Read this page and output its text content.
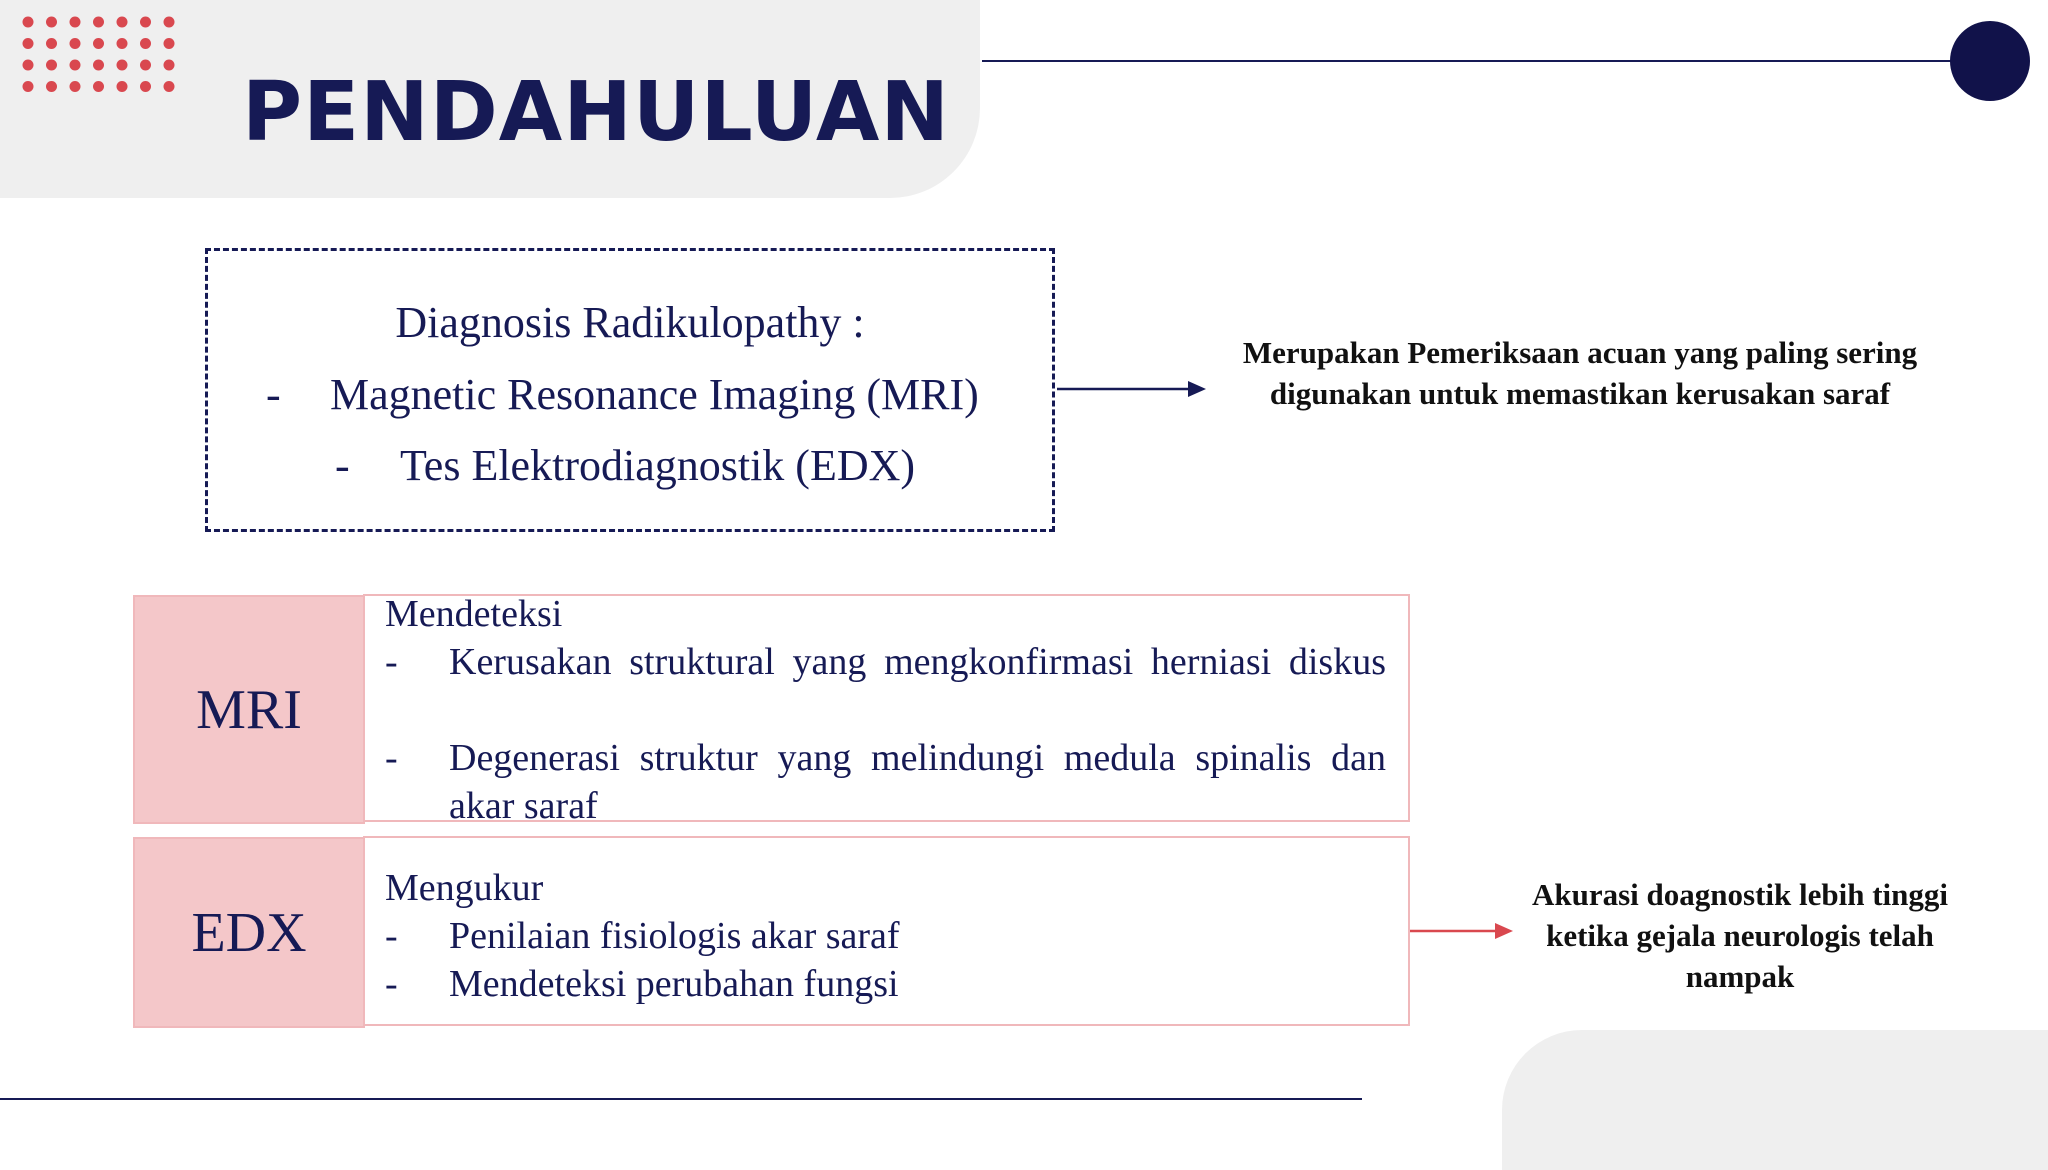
PENDAHULUAN
Diagnosis Radikulopathy :
- Magnetic Resonance Imaging (MRI)
- Tes Elektrodiagnostik (EDX)
Merupakan Pemeriksaan acuan yang paling sering digunakan untuk memastikan kerusakan saraf
MRI
Mendeteksi
- Kerusakan struktural yang mengkonfirmasi herniasi diskus
- Degenerasi struktur yang melindungi medula spinalis dan akar saraf
EDX
Mengukur
- Penilaian fisiologis akar saraf
- Mendeteksi perubahan fungsi
Akurasi doagnostik lebih tinggi ketika gejala neurologis telah nampak
